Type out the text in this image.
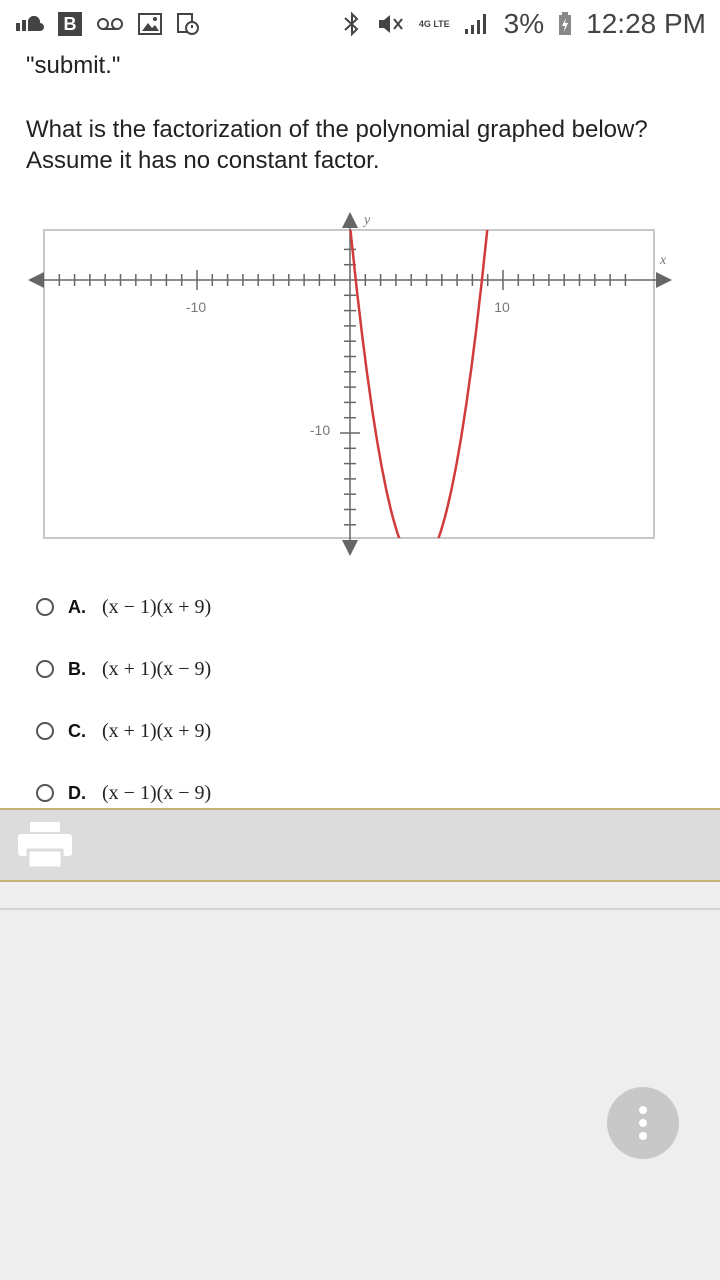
B	4G LTE 3% 12:28 PM
"submit."
What is the factorization of the polynomial graphed below?
Assume it has no constant factor.
x
y
-10	10
-10
A. (x − 1)(x + 9)
B. (x + 1)(x − 9)
C. (x + 1)(x + 9)
D. (x − 1)(x − 9)
